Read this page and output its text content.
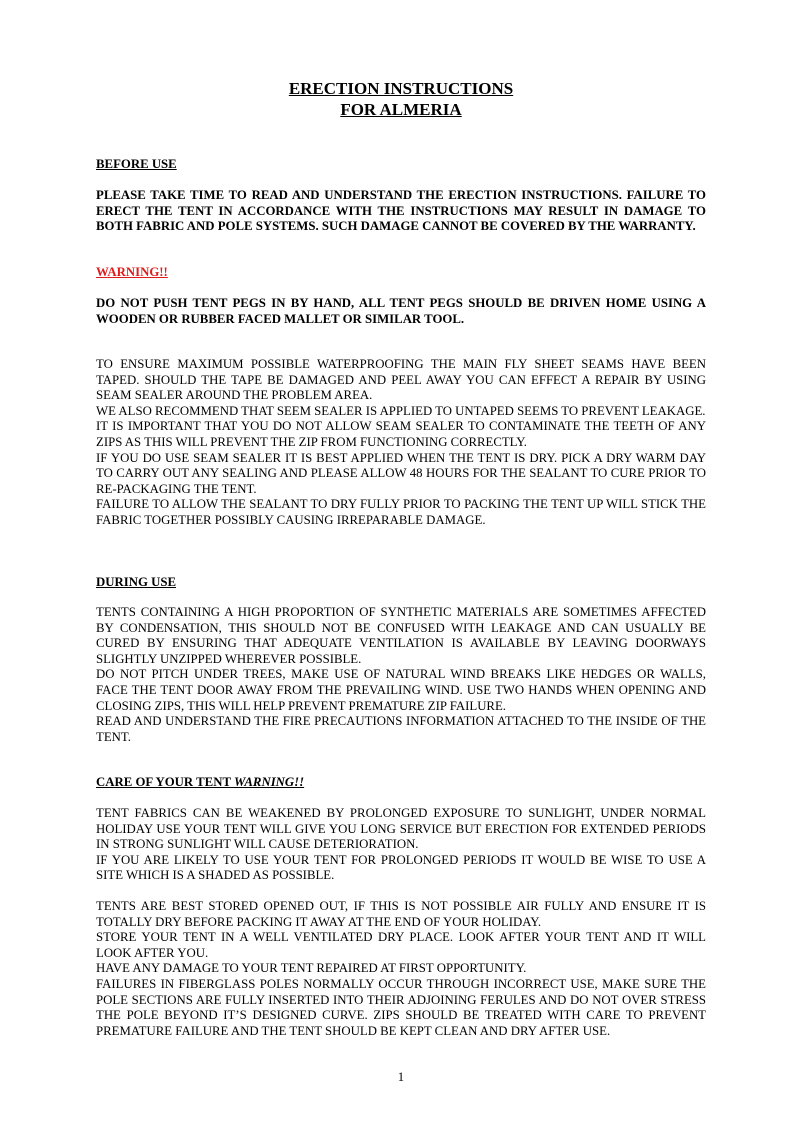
ERECTION INSTRUCTIONS
FOR ALMERIA

BEFORE USE

PLEASE TAKE TIME TO READ AND UNDERSTAND THE ERECTION INSTRUCTIONS. FAILURE TO ERECT THE TENT IN ACCORDANCE WITH THE INSTRUCTIONS MAY RESULT IN DAMAGE TO BOTH FABRIC AND POLE SYSTEMS. SUCH DAMAGE CANNOT BE COVERED BY THE WARRANTY.

WARNING!!

DO NOT PUSH TENT PEGS IN BY HAND, ALL TENT PEGS SHOULD BE DRIVEN HOME USING A WOODEN OR RUBBER FACED MALLET OR SIMILAR TOOL.

TO ENSURE MAXIMUM POSSIBLE WATERPROOFING THE MAIN FLY SHEET SEAMS HAVE BEEN TAPED. SHOULD THE TAPE BE DAMAGED AND PEEL AWAY YOU CAN EFFECT A REPAIR BY USING SEAM SEALER AROUND THE PROBLEM AREA.

WE ALSO RECOMMEND THAT SEEM SEALER IS APPLIED TO UNTAPED SEEMS TO PREVENT LEAKAGE.

IT IS IMPORTANT THAT YOU DO NOT ALLOW SEAM SEALER TO CONTAMINATE THE TEETH OF ANY ZIPS AS THIS WILL PREVENT THE ZIP FROM FUNCTIONING CORRECTLY.

IF YOU DO USE SEAM SEALER IT IS BEST APPLIED WHEN THE TENT IS DRY. PICK A DRY WARM DAY TO CARRY OUT ANY SEALING AND PLEASE ALLOW 48 HOURS FOR THE SEALANT TO CURE PRIOR TO RE-PACKAGING THE TENT.

FAILURE TO ALLOW THE SEALANT TO DRY FULLY PRIOR TO PACKING THE TENT UP WILL STICK THE FABRIC TOGETHER POSSIBLY CAUSING IRREPARABLE DAMAGE.

DURING USE

TENTS CONTAINING A HIGH PROPORTION OF SYNTHETIC MATERIALS ARE SOMETIMES AFFECTED BY CONDENSATION, THIS SHOULD NOT BE CONFUSED WITH LEAKAGE AND CAN USUALLY BE CURED BY ENSURING THAT ADEQUATE VENTILATION IS AVAILABLE BY LEAVING DOORWAYS SLIGHTLY UNZIPPED WHEREVER POSSIBLE.

DO NOT PITCH UNDER TREES, MAKE USE OF NATURAL WIND BREAKS LIKE HEDGES OR WALLS, FACE THE TENT DOOR AWAY FROM THE PREVAILING WIND. USE TWO HANDS WHEN OPENING AND CLOSING ZIPS, THIS WILL HELP PREVENT PREMATURE ZIP FAILURE.

READ AND UNDERSTAND THE FIRE PRECAUTIONS INFORMATION ATTACHED TO THE INSIDE OF THE TENT.

CARE OF YOUR TENT WARNING!!

TENT FABRICS CAN BE WEAKENED BY PROLONGED EXPOSURE TO SUNLIGHT, UNDER NORMAL HOLIDAY USE YOUR TENT WILL GIVE YOU LONG SERVICE BUT ERECTION FOR EXTENDED PERIODS IN STRONG SUNLIGHT WILL CAUSE DETERIORATION.

IF YOU ARE LIKELY TO USE YOUR TENT FOR PROLONGED PERIODS IT WOULD BE WISE TO USE A SITE WHICH IS A SHADED AS POSSIBLE.

TENTS ARE BEST STORED OPENED OUT, IF THIS IS NOT POSSIBLE AIR FULLY AND ENSURE IT IS TOTALLY DRY BEFORE PACKING IT AWAY AT THE END OF YOUR HOLIDAY.

STORE YOUR TENT IN A WELL VENTILATED DRY PLACE. LOOK AFTER YOUR TENT AND IT WILL LOOK AFTER YOU.

HAVE ANY DAMAGE TO YOUR TENT REPAIRED AT FIRST OPPORTUNITY.

FAILURES IN FIBERGLASS POLES NORMALLY OCCUR THROUGH INCORRECT USE, MAKE SURE THE POLE SECTIONS ARE FULLY INSERTED INTO THEIR ADJOINING FERULES AND DO NOT OVER STRESS THE POLE BEYOND IT’S DESIGNED CURVE. ZIPS SHOULD BE TREATED WITH CARE TO PREVENT PREMATURE FAILURE AND THE TENT SHOULD BE KEPT CLEAN AND DRY AFTER USE.

1
